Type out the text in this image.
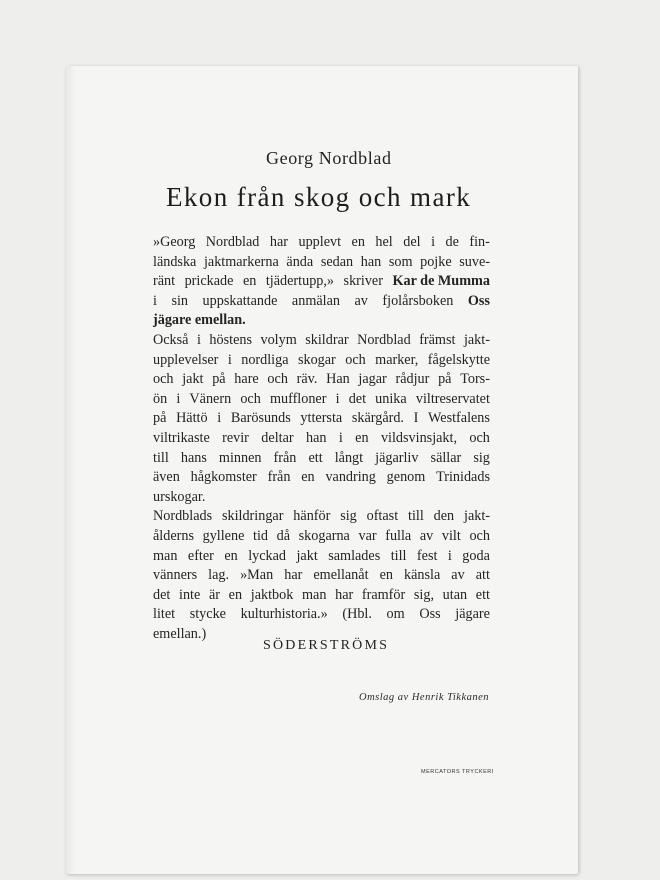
Georg Nordblad
Ekon från skog och mark
»Georg Nordblad har upplevt en hel del i de fin-
ländska jaktmarkerna ända sedan han som pojke suve-
ränt prickade en tjädertupp,» skriver Kar de Mumma
i sin uppskattande anmälan av fjolårsboken Oss
jägare emellan.
Också i höstens volym skildrar Nordblad främst jakt-
upplevelser i nordliga skogar och marker, fågelskytte
och jakt på hare och räv. Han jagar rådjur på Tors-
ön i Vänern och muffloner i det unika viltreservatet
på Hättö i Barösunds yttersta skärgård. I Westfalens
viltrikaste revir deltar han i en vildsvinsjakt, och
till hans minnen från ett långt jägarliv sällar sig
även hågkomster från en vandring genom Trinidads
urskogar.
Nordblads skildringar hänför sig oftast till den jakt-
ålderns gyllene tid då skogarna var fulla av vilt och
man efter en lyckad jakt samlades till fest i goda
vänners lag. »Man har emellanåt en känsla av att
det inte är en jaktbok man har framför sig, utan ett
litet stycke kulturhistoria.» (Hbl. om Oss jägare
emellan.)
SÖDERSTRÖMS
Omslag av Henrik Tikkanen
MERCATORS TRYCKERI
